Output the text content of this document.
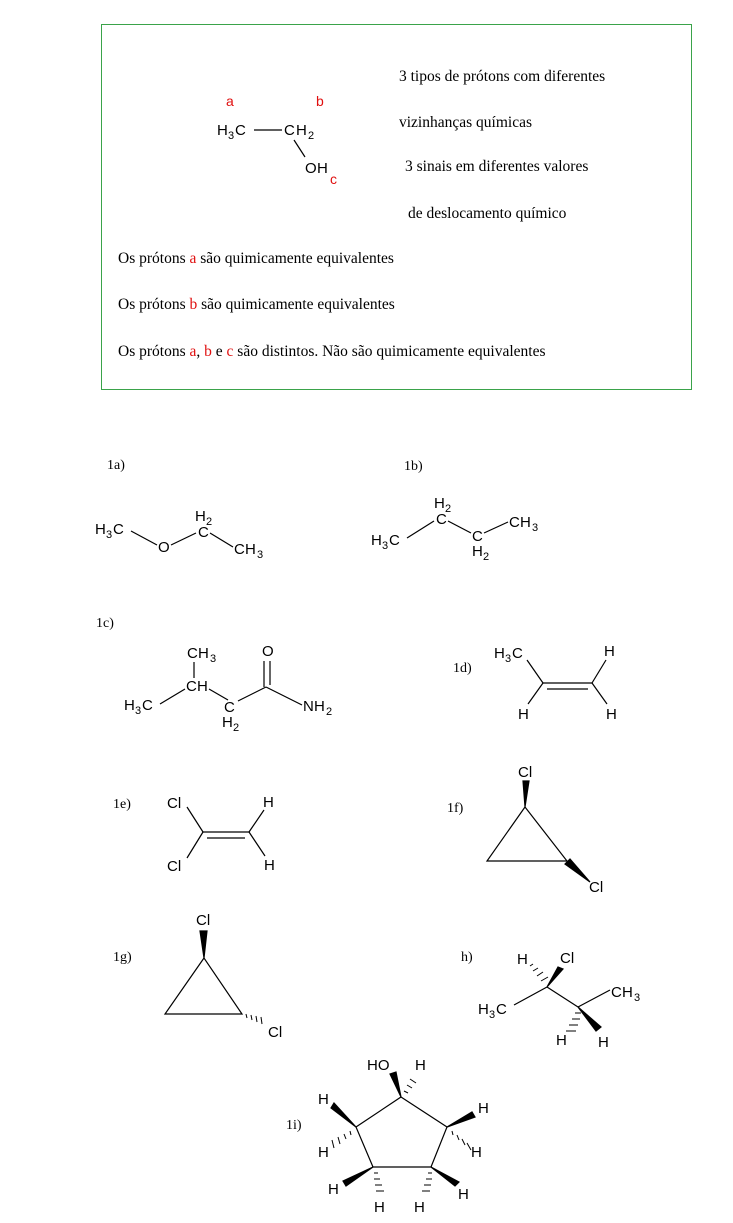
a	b
c
H 3 C	C H 2
O H
3 tipos de prótons com diferentes
vizinhanças químicas
3 sinais em diferentes valores
de deslocamento químico
Os prótons a são quimicamente equivalentes
Os prótons b são quimicamente equivalentes
Os prótons a, b e c são distintos. Não são quimicamente equivalentes
1a)	1b)
1c)
1d)
1e)	1f)
1g)	h)
1i)
H 3 C
O
H 2
C
C H 3
H 3 C
H 2
C
C
H 2
C H 3
C H 3
C H
H 3 C	C
H 2
O
N H 2
H 3 C	H
H	H
Cl
Cl
H
H
Cl
Cl
Cl
Cl
H Cl
H 3 C
C H 3
H H
HO H
H
H
H	H
H	H
H H
